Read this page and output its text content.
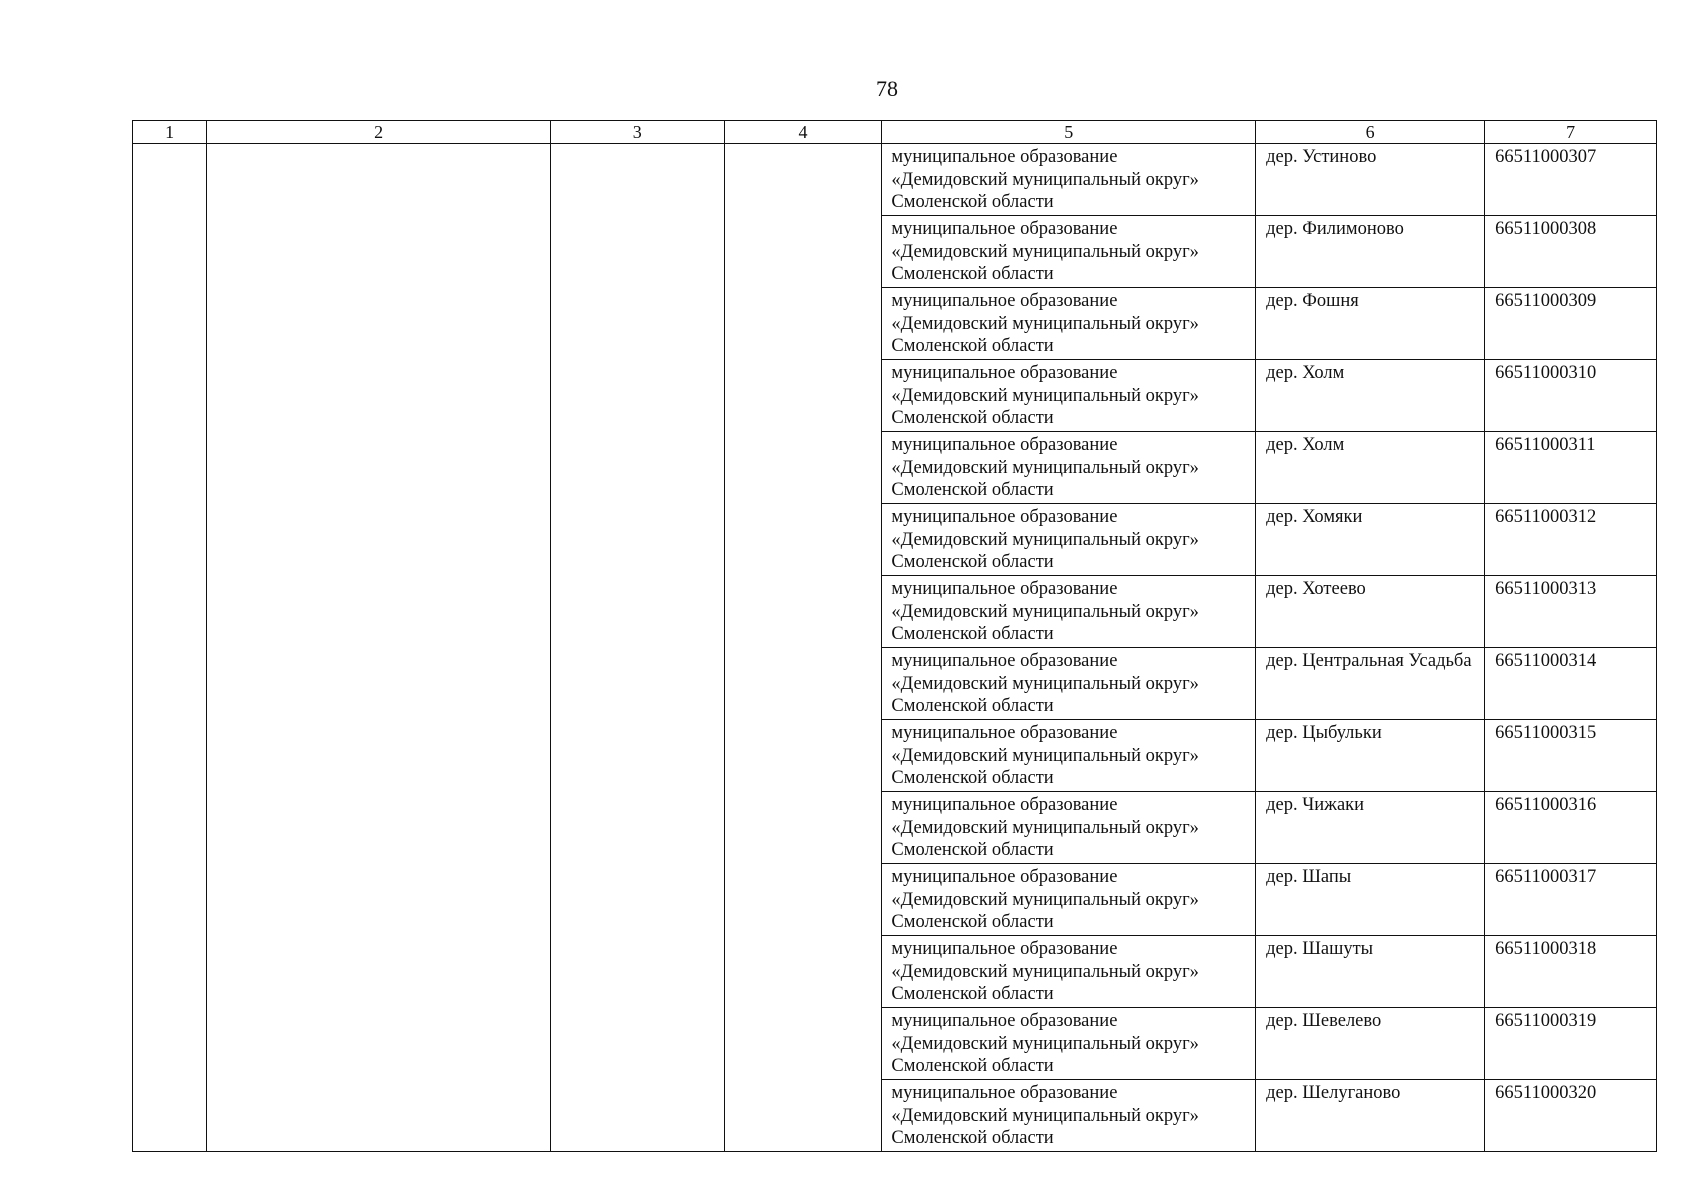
78
1	2	3	4	5	6	7

				муниципальное образование
«Демидовский муниципальный округ»
Смоленской области	дер. Устиново	66511000307

				муниципальное образование
«Демидовский муниципальный округ»
Смоленской области	дер. Филимоново	66511000308

				муниципальное образование
«Демидовский муниципальный округ»
Смоленской области	дер. Фошня	66511000309

				муниципальное образование
«Демидовский муниципальный округ»
Смоленской области	дер. Холм	66511000310

				муниципальное образование
«Демидовский муниципальный округ»
Смоленской области	дер. Холм	66511000311

				муниципальное образование
«Демидовский муниципальный округ»
Смоленской области	дер. Хомяки	66511000312

				муниципальное образование
«Демидовский муниципальный округ»
Смоленской области	дер. Хотеево	66511000313

				муниципальное образование
«Демидовский муниципальный округ»
Смоленской области	дер. Центральная Усадьба	66511000314

				муниципальное образование
«Демидовский муниципальный округ»
Смоленской области	дер. Цыбульки	66511000315

				муниципальное образование
«Демидовский муниципальный округ»
Смоленской области	дер. Чижаки	66511000316

				муниципальное образование
«Демидовский муниципальный округ»
Смоленской области	дер. Шапы	66511000317

				муниципальное образование
«Демидовский муниципальный округ»
Смоленской области	дер. Шашуты	66511000318

				муниципальное образование
«Демидовский муниципальный округ»
Смоленской области	дер. Шевелево	66511000319

				муниципальное образование
«Демидовский муниципальный округ»
Смоленской области	дер. Шелуганово	66511000320
